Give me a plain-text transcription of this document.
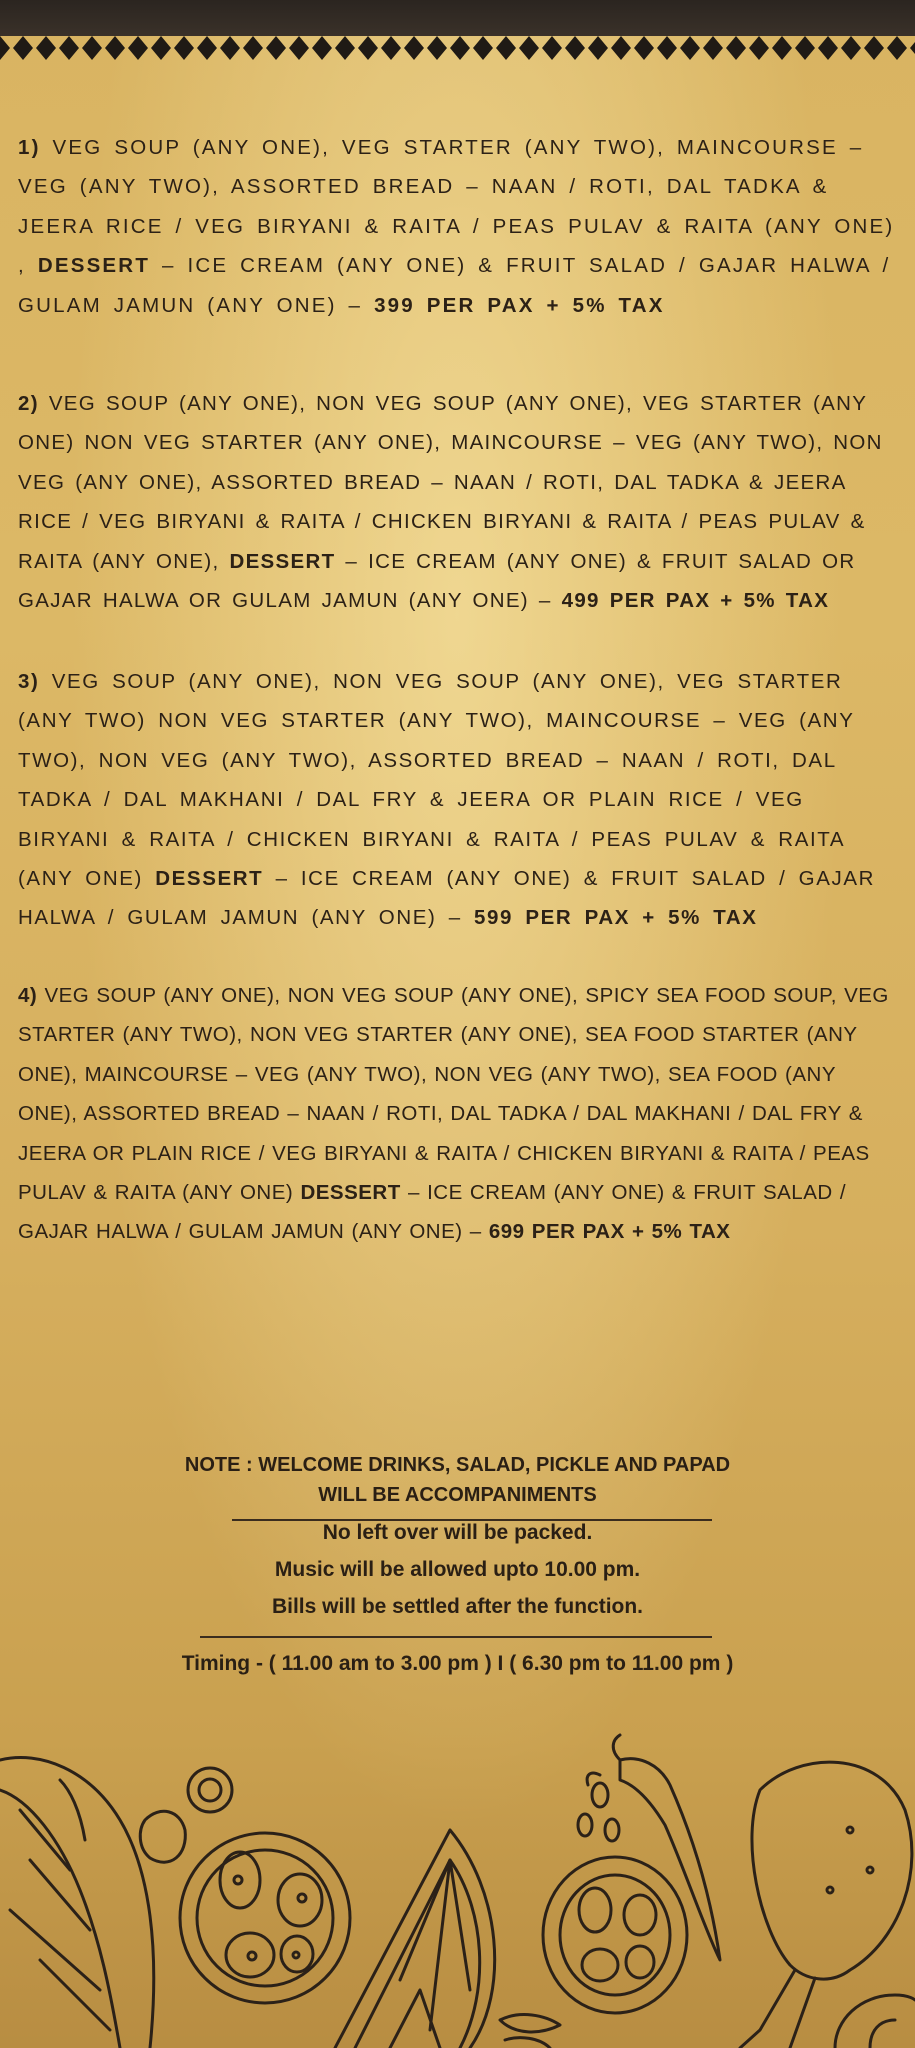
1) VEG SOUP (ANY ONE), VEG STARTER (ANY TWO), MAINCOURSE – VEG (ANY TWO), ASSORTED BREAD – NAAN / ROTI, DAL TADKA & JEERA RICE / VEG BIRYANI & RAITA / PEAS PULAV & RAITA (ANY ONE) , DESSERT – ICE CREAM (ANY ONE) & FRUIT SALAD / GAJAR HALWA / GULAM JAMUN (ANY ONE) – 399 PER PAX + 5% TAX
2) VEG SOUP (ANY ONE), NON VEG SOUP (ANY ONE), VEG STARTER (ANY ONE) NON VEG STARTER (ANY ONE), MAINCOURSE – VEG (ANY TWO), NON VEG (ANY ONE), ASSORTED BREAD – NAAN / ROTI, DAL TADKA & JEERA RICE / VEG BIRYANI & RAITA / CHICKEN BIRYANI & RAITA / PEAS PULAV & RAITA (ANY ONE), DESSERT – ICE CREAM (ANY ONE) & FRUIT SALAD OR GAJAR HALWA OR GULAM JAMUN (ANY ONE) – 499 PER PAX + 5% TAX
3) VEG SOUP (ANY ONE), NON VEG SOUP (ANY ONE), VEG STARTER (ANY TWO) NON VEG STARTER (ANY TWO), MAINCOURSE – VEG (ANY TWO), NON VEG (ANY TWO), ASSORTED BREAD – NAAN / ROTI, DAL TADKA / DAL MAKHANI / DAL FRY & JEERA OR PLAIN RICE / VEG BIRYANI & RAITA / CHICKEN BIRYANI & RAITA / PEAS PULAV & RAITA (ANY ONE) DESSERT – ICE CREAM (ANY ONE) & FRUIT SALAD / GAJAR HALWA / GULAM JAMUN (ANY ONE) – 599 PER PAX + 5% TAX
4) VEG SOUP (ANY ONE), NON VEG SOUP (ANY ONE), SPICY SEA FOOD SOUP, VEG STARTER (ANY TWO), NON VEG STARTER (ANY ONE), SEA FOOD STARTER (ANY ONE), MAINCOURSE – VEG (ANY TWO), NON VEG (ANY TWO), SEA FOOD (ANY ONE), ASSORTED BREAD – NAAN / ROTI, DAL TADKA / DAL MAKHANI / DAL FRY & JEERA OR PLAIN RICE / VEG BIRYANI & RAITA / CHICKEN BIRYANI & RAITA / PEAS PULAV & RAITA (ANY ONE) DESSERT – ICE CREAM (ANY ONE) & FRUIT SALAD / GAJAR HALWA / GULAM JAMUN (ANY ONE) – 699 PER PAX + 5% TAX
NOTE : WELCOME DRINKS, SALAD, PICKLE AND PAPAD
WILL BE ACCOMPANIMENTS
No left over will be packed.
Music will be allowed upto 10.00 pm.
Bills will be settled after the function.
Timing - ( 11.00 am to 3.00 pm ) I ( 6.30 pm to 11.00 pm )
